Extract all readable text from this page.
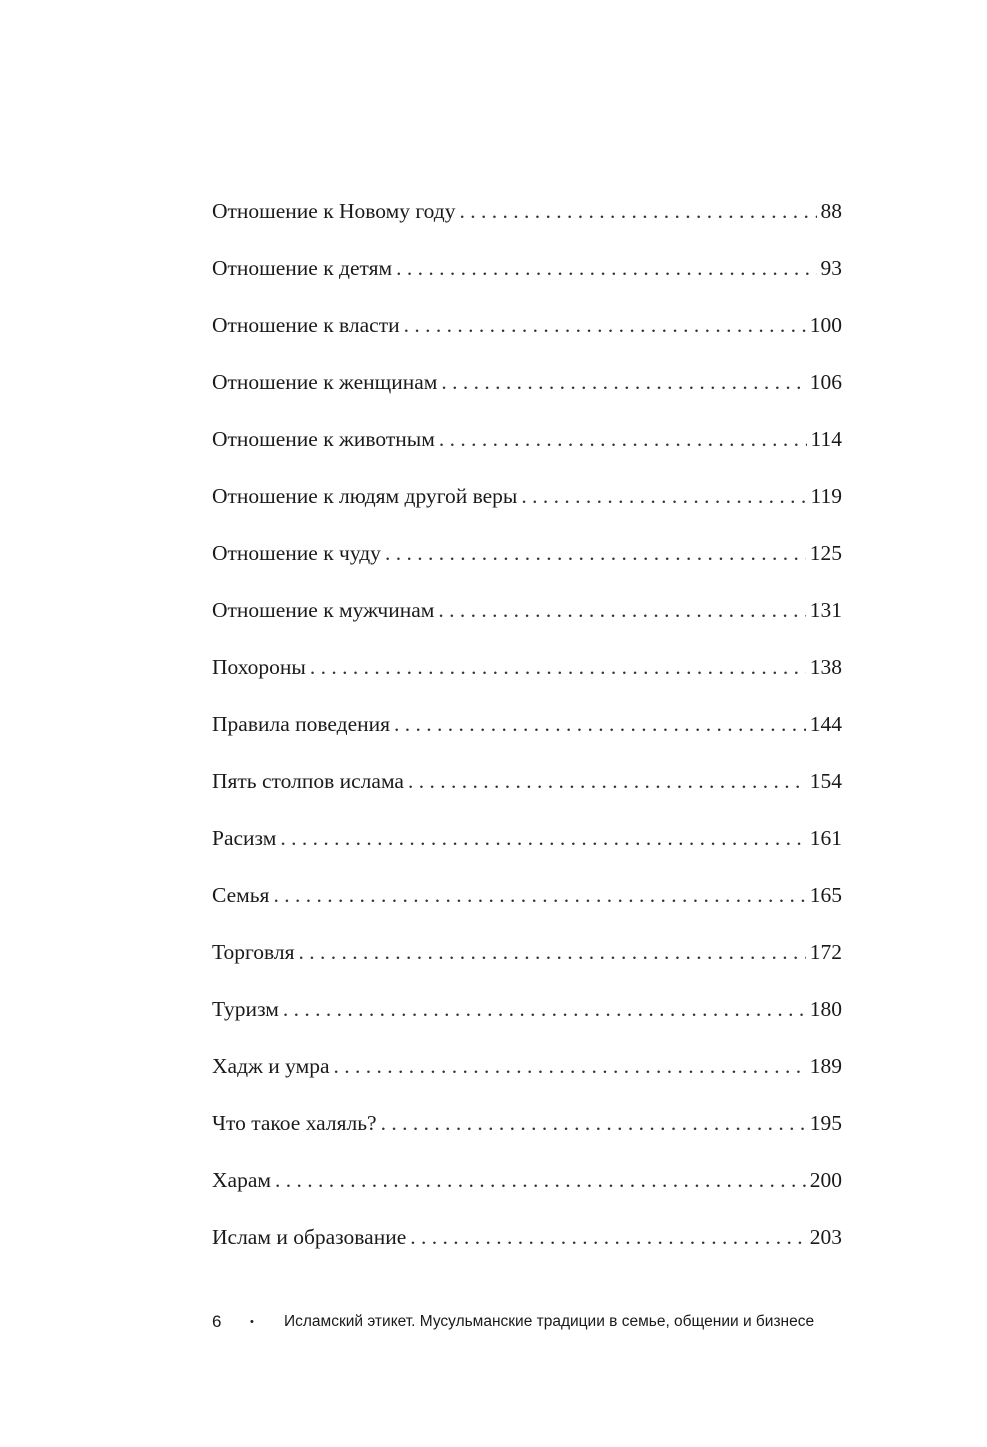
Отношение к Новому году . . .	88
Отношение к детям . . .	93
Отношение к власти . . .	100
Отношение к женщинам . . .	106
Отношение к животным . . .	114
Отношение к людям другой веры . . .	119
Отношение к чуду . . .	125
Отношение к мужчинам . . .	131
Похороны . . .	138
Правила поведения . . .	144
Пять столпов ислама . . .	154
Расизм . . .	161
Семья . . .	165
Торговля . . .	172
Туризм . . .	180
Хадж и умра . . .	189
Что такое халяль? . . .	195
Харам . . .	200
Ислам и образование . . .	203
6	•	Исламский этикет. Мусульманские традиции в семье, общении и бизнесе
